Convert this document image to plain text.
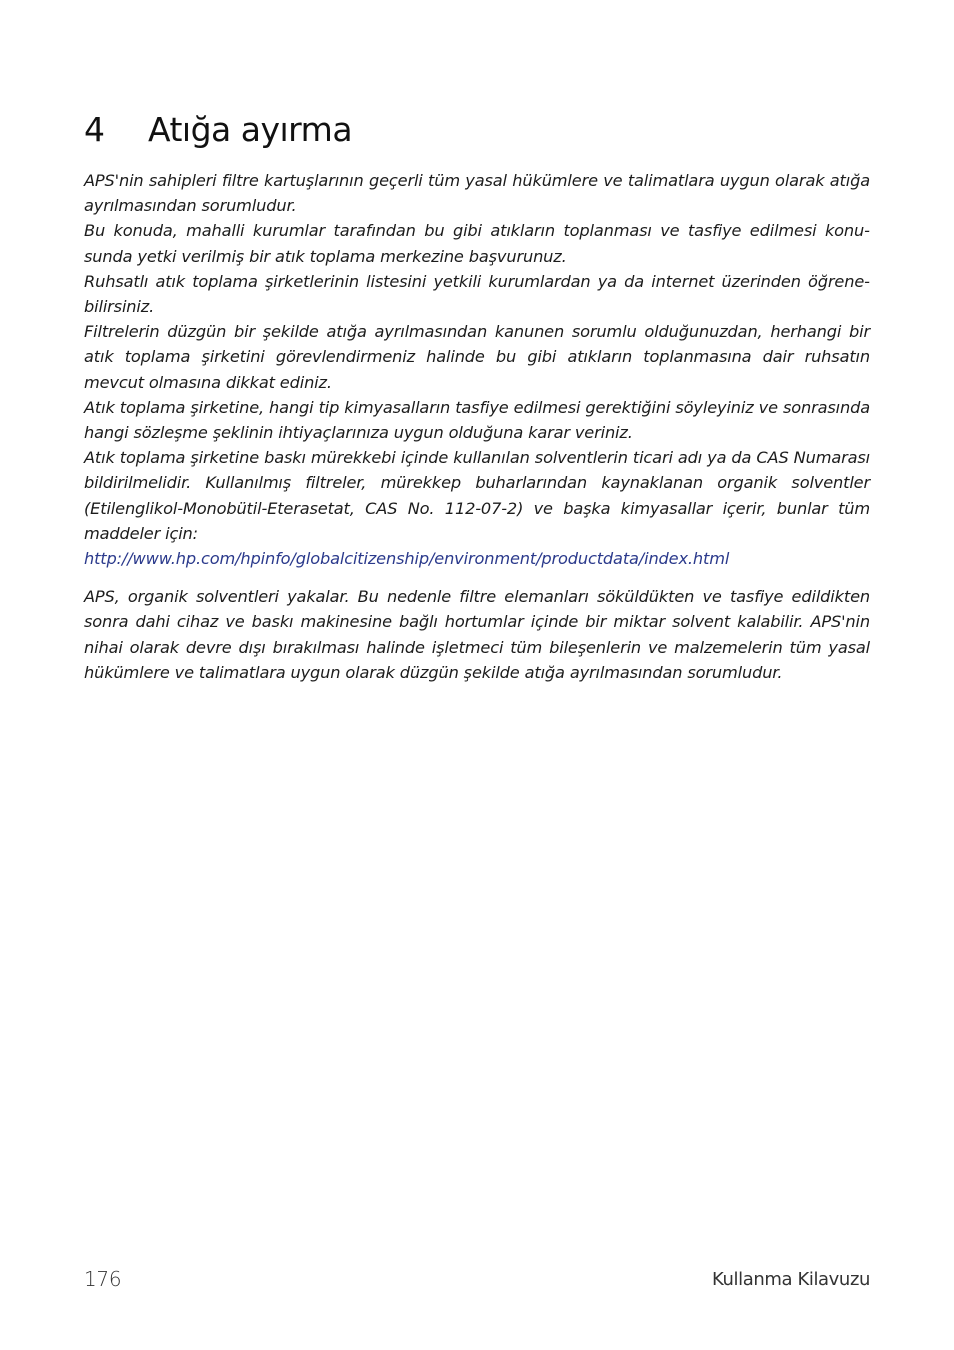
4 Atığa ayırma

APS'nin sahipleri filtre kartuşlarının geçerli tüm yasal hükümlere ve talimatlara uygun olarak atığa ayrılmasından sorumludur.

Bu konuda, mahalli kurumlar tarafından bu gibi atıkların toplanması ve tasfiye edilmesi konusunda yetki verilmiş bir atık toplama merkezine başvurunuz.

Ruhsatlı atık toplama şirketlerinin listesini yetkili kurumlardan ya da internet üzerinden öğrenebilirsiniz.

Filtrelerin düzgün bir şekilde atığa ayrılmasından kanunen sorumlu olduğunuzdan, herhangi bir atık toplama şirketini görevlendirmeniz halinde bu gibi atıkların toplanmasına dair ruhsatın mevcut olmasına dikkat ediniz.

Atık toplama şirketine, hangi tip kimyasalların tasfiye edilmesi gerektiğini söyleyiniz ve sonrasında hangi sözleşme şeklinin ihtiyaçlarınıza uygun olduğuna karar veriniz.

Atık toplama şirketine baskı mürekkebi içinde kullanılan solventlerin ticari adı ya da CAS Numarası bildirilmelidir. Kullanılmış filtreler, mürekkep buharlarından kaynaklanan organik solventler (Etilenglikol-Monobütil-Eterasetat, CAS No. 112-07-2) ve başka kimyasallar içerir, bunlar tüm maddeler için:

http://www.hp.com/hpinfo/globalcitizenship/environment/productdata/index.html

APS, organik solventleri yakalar. Bu nedenle filtre elemanları söküldükten ve tasfiye edildikten sonra dahi cihaz ve baskı makinesine bağlı hortumlar içinde bir miktar solvent kalabilir. APS'nin nihai olarak devre dışı bırakılması halinde işletmeci tüm bileşenlerin ve malzemelerin tüm yasal hükümlere ve talimatlara uygun olarak düzgün şekilde atığa ayrılmasından sorumludur.

176	Kullanma Kilavuzu
